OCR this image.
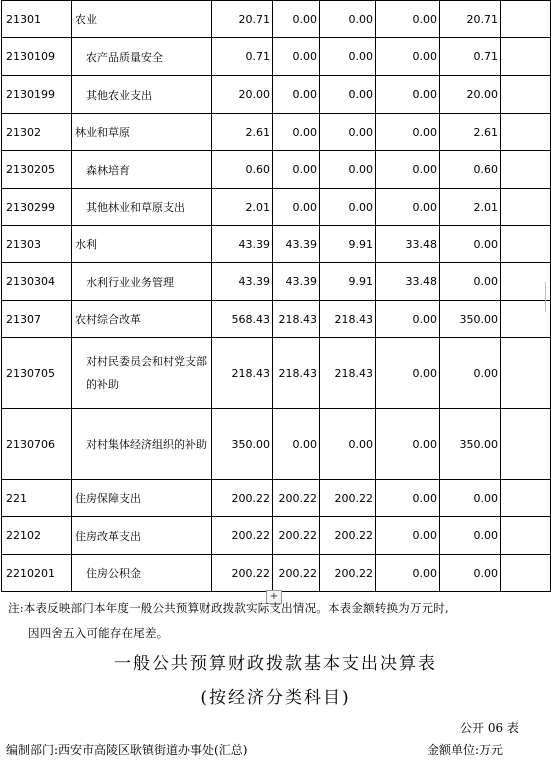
21301	农业	20.71	0.00	0.00	0.00	20.71	
2130109	农产品质量安全	0.71	0.00	0.00	0.00	0.71	
2130199	其他农业支出	20.00	0.00	0.00	0.00	20.00	
21302	林业和草原	2.61	0.00	0.00	0.00	2.61	
2130205	森林培育	0.60	0.00	0.00	0.00	0.60	
2130299	其他林业和草原支出	2.01	0.00	0.00	0.00	2.01	
21303	水利	43.39	43.39	9.91	33.48	0.00	
2130304	水利行业业务管理	43.39	43.39	9.91	33.48	0.00	
21307	农村综合改革	568.43	218.43	218.43	0.00	350.00	
2130705	对村民委员会和村党支部的补助	218.43	218.43	218.43	0.00	0.00	
2130706	对村集体经济组织的补助	350.00	0.00	0.00	0.00	350.00	
221	住房保障支出	200.22	200.22	200.22	0.00	0.00	
22102	住房改革支出	200.22	200.22	200.22	0.00	0.00	
2210201	住房公积金	200.22	200.22	200.22	0.00	0.00	
+
注:本表反映部门本年度一般公共预算财政拨款实际支出情况。本表金额转换为万元时,
因四舍五入可能存在尾差。
一般公共预算财政拨款基本支出决算表
(按经济分类科目)
公开 06 表
编制部门:西安市高陵区耿镇街道办事处(汇总)	金额单位:万元
